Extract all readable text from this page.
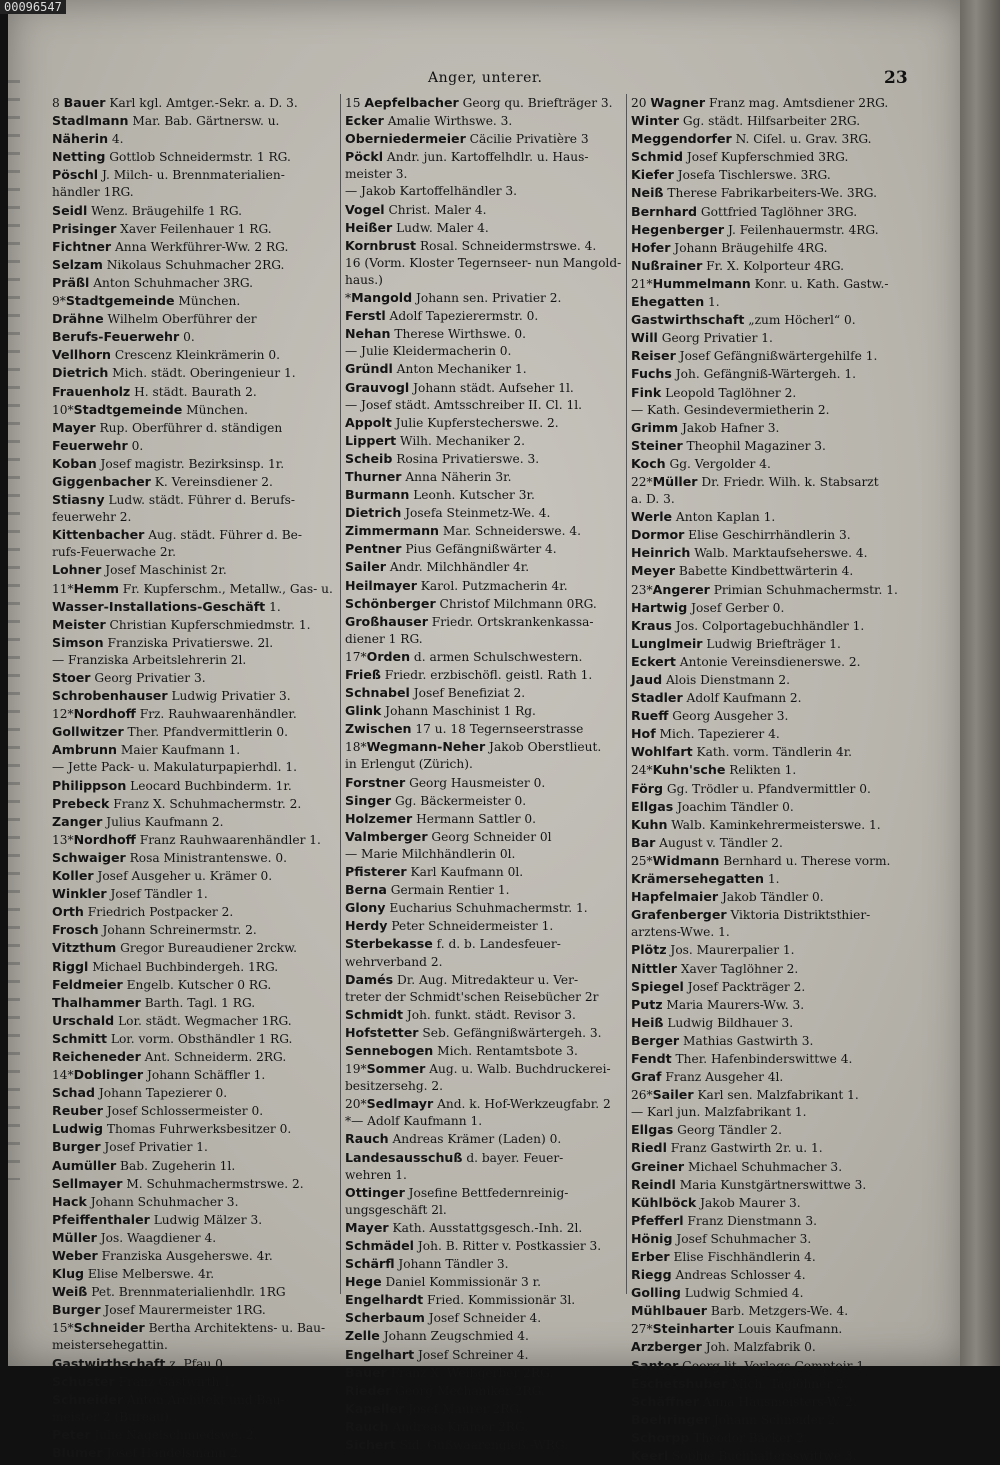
Anger, unterer.	23
8 Bauer Karl kgl. Amtger.-Sekr. a. D. 3.
Stadlmann Mar. Bab. Gärtnersw. u.
Näherin 4.
Netting Gottlob Schneidermstr. 1 RG.
Pöschl J. Milch- u. Brennmaterialien-
händler 1RG.
Seidl Wenz. Bräugehilfe 1 RG.
Prisinger Xaver Feilenhauer 1 RG.
Fichtner Anna Werkführer-Ww. 2 RG.
Selzam Nikolaus Schuhmacher 2RG.
Präßl Anton Schuhmacher 3RG.
9*Stadtgemeinde München.
Drähne Wilhelm Oberführer der
Berufs-Feuerwehr 0.
Vellhorn Crescenz Kleinkrämerin 0.
Dietrich Mich. städt. Oberingenieur 1.
Frauenholz H. städt. Baurath 2.
10*Stadtgemeinde München.
Mayer Rup. Oberführer d. ständigen
Feuerwehr 0.
Koban Josef magistr. Bezirksinsp. 1r.
Giggenbacher K. Vereinsdiener 2.
Stiasny Ludw. städt. Führer d. Berufs-
feuerwehr 2.
Kittenbacher Aug. städt. Führer d. Be-
rufs-Feuerwache 2r.
Lohner Josef Maschinist 2r.
11*Hemm Fr. Kupferschm., Metallw., Gas- u.
Wasser-Installations-Geschäft 1.
Meister Christian Kupferschmiedmstr. 1.
Simson Franziska Privatierswe. 2l.
— Franziska Arbeitslehrerin 2l.
Stoer Georg Privatier 3.
Schrobenhauser Ludwig Privatier 3.
12*Nordhoff Frz. Rauhwaarenhändler.
Gollwitzer Ther. Pfandvermittlerin 0.
Ambrunn Maier Kaufmann 1.
— Jette Pack- u. Makulaturpapierhdl. 1.
Philippson Leocard Buchbinderm. 1r.
Prebeck Franz X. Schuhmachermstr. 2.
Zanger Julius Kaufmann 2.
13*Nordhoff Franz Rauhwaarenhändler 1.
Schwaiger Rosa Ministrantenswe. 0.
Koller Josef Ausgeher u. Krämer 0.
Winkler Josef Tändler 1.
Orth Friedrich Postpacker 2.
Frosch Johann Schreinermstr. 2.
Vitzthum Gregor Bureaudiener 2rckw.
Riggl Michael Buchbindergeh. 1RG.
Feldmeier Engelb. Kutscher 0 RG.
Thalhammer Barth. Tagl. 1 RG.
Urschald Lor. städt. Wegmacher 1RG.
Schmitt Lor. vorm. Obsthändler 1 RG.
Reicheneder Ant. Schneiderm. 2RG.
14*Doblinger Johann Schäffler 1.
Schad Johann Tapezierer 0.
Reuber Josef Schlossermeister 0.
Ludwig Thomas Fuhrwerksbesitzer 0.
Burger Josef Privatier 1.
Aumüller Bab. Zugeherin 1l.
Sellmayer M. Schuhmachermstrswe. 2.
Hack Johann Schuhmacher 3.
Pfeiffenthaler Ludwig Mälzer 3.
Müller Jos. Waagdiener 4.
Weber Franziska Ausgeherswe. 4r.
Klug Elise Melberswe. 4r.
Weiß Pet. Brennmaterialienhdlr. 1RG
Burger Josef Maurermeister 1RG.
15*Schneider Bertha Architektens- u. Bau-
meistersehegattin.
Gastwirthschaft z. Pfau 0.
Schuster Franz Gastwirth 1.
Schneider Anton Architekt und Bau-
meister 2 (Bureau).
Peter Julie Nagelschmiedswe. 2.
Blumer Josef Handelsmann 2.
15 Aepfelbacher Georg qu. Briefträger 3.
Ecker Amalie Wirthswe. 3.
Oberniedermeier Cäcilie Privatière 3
Pöckl Andr. jun. Kartoffelhdlr. u. Haus-
meister 3.
— Jakob Kartoffelhändler 3.
Vogel Christ. Maler 4.
Heißer Ludw. Maler 4.
Kornbrust Rosal. Schneidermstrswe. 4.
16 (Vorm. Kloster Tegernseer- nun Mangold-
haus.)
*Mangold Johann sen. Privatier 2.
Ferstl Adolf Tapezierermstr. 0.
Nehan Therese Wirthswe. 0.
— Julie Kleidermacherin 0.
Gründl Anton Mechaniker 1.
Grauvogl Johann städt. Aufseher 1l.
— Josef städt. Amtsschreiber II. Cl. 1l.
Appolt Julie Kupferstecherswe. 2.
Lippert Wilh. Mechaniker 2.
Scheib Rosina Privatierswe. 3.
Thurner Anna Näherin 3r.
Burmann Leonh. Kutscher 3r.
Dietrich Josefa Steinmetz-We. 4.
Zimmermann Mar. Schneiderswe. 4.
Pentner Pius Gefängnißwärter 4.
Sailer Andr. Milchhändler 4r.
Heilmayer Karol. Putzmacherin 4r.
Schönberger Christof Milchmann 0RG.
Großhauser Friedr. Ortskrankenkassa-
diener 1 RG.
17*Orden d. armen Schulschwestern.
Frieß Friedr. erzbischöfl. geistl. Rath 1.
Schnabel Josef Benefiziat 2.
Glink Johann Maschinist 1 Rg.
Zwischen 17 u. 18 Tegernseerstrasse
18*Wegmann-Neher Jakob Oberstlieut.
in Erlengut (Zürich).
Forstner Georg Hausmeister 0.
Singer Gg. Bäckermeister 0.
Holzemer Hermann Sattler 0.
Valmberger Georg Schneider 0l
— Marie Milchhändlerin 0l.
Pfisterer Karl Kaufmann 0l.
Berna Germain Rentier 1.
Glony Eucharius Schuhmachermstr. 1.
Herdy Peter Schneidermeister 1.
Sterbekasse f. d. b. Landesfeuer-
wehrverband 2.
Damés Dr. Aug. Mitredakteur u. Ver-
treter der Schmidt'schen Reisebücher 2r
Schmidt Joh. funkt. städt. Revisor 3.
Hofstetter Seb. Gefängnißwärtergeh. 3.
Sennebogen Mich. Rentamtsbote 3.
19*Sommer Aug. u. Walb. Buchdruckerei-
besitzersehg. 2.
20*Sedlmayr And. k. Hof-Werkzeugfabr. 2
*— Adolf Kaufmann 1.
Rauch Andreas Krämer (Laden) 0.
Landesausschuß d. bayer. Feuer-
wehren 1.
Ottinger Josefine Bettfedernreinig-
ungsgeschäft 2l.
Mayer Kath. Ausstattgsgesch.-Inh. 2l.
Schmädel Joh. B. Ritter v. Postkassier 3.
Schärfl Johann Tändler 3.
Hege Daniel Kommissionär 3 r.
Engelhardt Fried. Kommissionär 3l.
Scherbaum Josef Schneider 4.
Zelle Johann Zeugschmied 4.
Engelhart Josef Schreiner 4.
Bauer Franz X. Weißgerber 2RG.
Rieder Georg Mechaniker 2RG.
Kapeller Josef Maurer 2RG.
Rauch Andreas Krämer 2RG.
Sichert Sid. Gußwaarengieß.-WRG.
20 Wagner Franz mag. Amtsdiener 2RG.
Winter Gg. städt. Hilfsarbeiter 2RG.
Meggendorfer N. Ciſel. u. Grav. 3RG.
Schmid Josef Kupferschmied 3RG.
Kiefer Josefa Tischlerswe. 3RG.
Neiß Therese Fabrikarbeiters-We. 3RG.
Bernhard Gottfried Taglöhner 3RG.
Hegenberger J. Feilenhauermstr. 4RG.
Hofer Johann Bräugehilfe 4RG.
Nußrainer Fr. X. Kolporteur 4RG.
21*Hummelmann Konr. u. Kath. Gastw.-
Ehegatten 1.
Gastwirthschaft „zum Höcherl“ 0.
Will Georg Privatier 1.
Reiser Josef Gefängnißwärtergehilfe 1.
Fuchs Joh. Gefängniß-Wärtergeh. 1.
Fink Leopold Taglöhner 2.
— Kath. Gesindevermietherin 2.
Grimm Jakob Hafner 3.
Steiner Theophil Magaziner 3.
Koch Gg. Vergolder 4.
22*Müller Dr. Friedr. Wilh. k. Stabsarzt
a. D. 3.
Werle Anton Kaplan 1.
Dormor Elise Geschirrhändlerin 3.
Heinrich Walb. Marktaufseherswe. 4.
Meyer Babette Kindbettwärterin 4.
23*Angerer Primian Schuhmachermstr. 1.
Hartwig Josef Gerber 0.
Kraus Jos. Colportagebuchhändler 1.
Lunglmeir Ludwig Briefträger 1.
Eckert Antonie Vereinsdienerswe. 2.
Jaud Alois Dienstmann 2.
Stadler Adolf Kaufmann 2.
Rueff Georg Ausgeher 3.
Hof Mich. Tapezierer 4.
Wohlfart Kath. vorm. Tändlerin 4r.
24*Kuhn'sche Relikten 1.
Förg Gg. Trödler u. Pfandvermittler 0.
Ellgas Joachim Tändler 0.
Kuhn Walb. Kaminkehrermeisterswe. 1.
Bar August v. Tändler 2.
25*Widmann Bernhard u. Therese vorm.
Krämersehegatten 1.
Hapfelmaier Jakob Tändler 0.
Grafenberger Viktoria Distriktsthier-
arztens-Wwe. 1.
Plötz Jos. Maurerpalier 1.
Nittler Xaver Taglöhner 2.
Spiegel Josef Packträger 2.
Putz Maria Maurers-Ww. 3.
Heiß Ludwig Bildhauer 3.
Berger Mathias Gastwirth 3.
Fendt Ther. Hafenbinderswittwe 4.
Graf Franz Ausgeher 4l.
26*Sailer Karl sen. Malzfabrikant 1.
— Karl jun. Malzfabrikant 1.
Ellgas Georg Tändler 2.
Riedl Franz Gastwirth 2r. u. 1.
Greiner Michael Schuhmacher 3.
Reindl Maria Kunstgärtnerswittwe 3.
Kühlböck Jakob Maurer 3.
Pfefferl Franz Dienstmann 3.
Hönig Josef Schuhmacher 3.
Erber Elise Fischhändlerin 4.
Riegg Andreas Schlosser 4.
Golling Ludwig Schmied 4.
Mühlbauer Barb. Metzgers-We. 4.
27*Steinharter Louis Kaufmann.
Arzberger Joh. Malzfabrik 0.
Santer Georg lit. Verlags-Comptoir 1.
Eschetshuber Mich. Taglöhner 2.
Schäffner Anna Hausmeisters-W. 2.
Boehringer Johann Schneider 2.
Schorpp Theodor Bäcker 2.
Keerl Sophie Buchhaltersswittwe 3.
00096547
